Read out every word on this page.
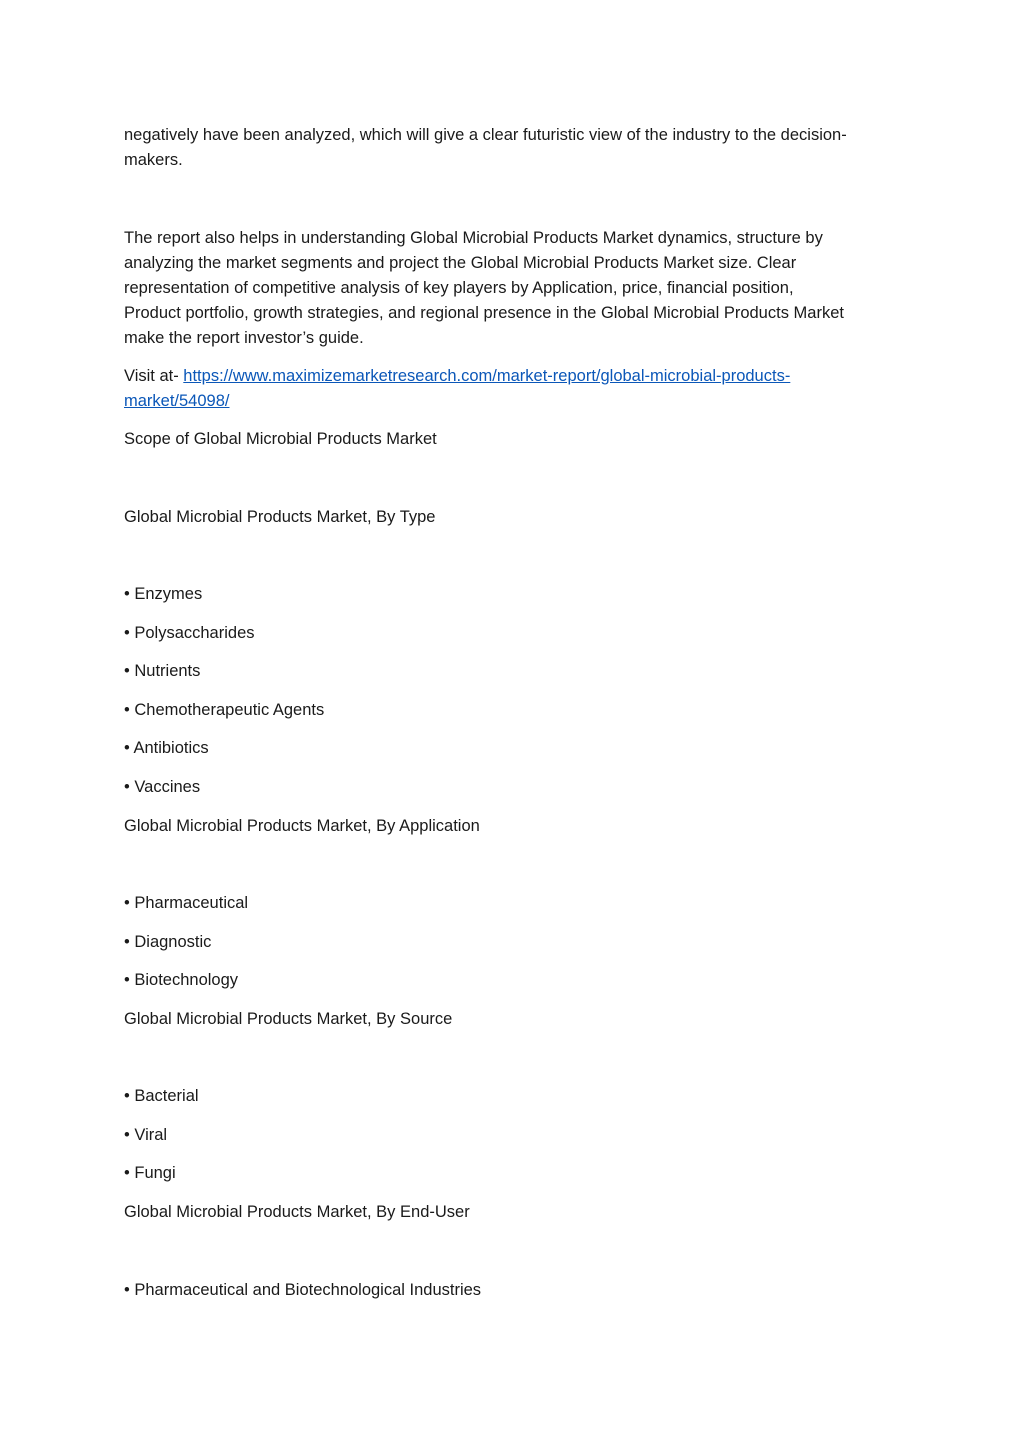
negatively have been analyzed, which will give a clear futuristic view of the industry to the decision-
makers.
The report also helps in understanding Global Microbial Products Market dynamics, structure by
analyzing the market segments and project the Global Microbial Products Market size. Clear
representation of competitive analysis of key players by Application, price, financial position,
Product portfolio, growth strategies, and regional presence in the Global Microbial Products Market
make the report investor’s guide.
Visit at- https://www.maximizemarketresearch.com/market-report/global-microbial-products-
market/54098/
Scope of Global Microbial Products Market
Global Microbial Products Market, By Type
• Enzymes
• Polysaccharides
• Nutrients
• Chemotherapeutic Agents
• Antibiotics
• Vaccines
Global Microbial Products Market, By Application
• Pharmaceutical
• Diagnostic
• Biotechnology
Global Microbial Products Market, By Source
• Bacterial
• Viral
• Fungi
Global Microbial Products Market, By End-User
• Pharmaceutical and Biotechnological Industries
